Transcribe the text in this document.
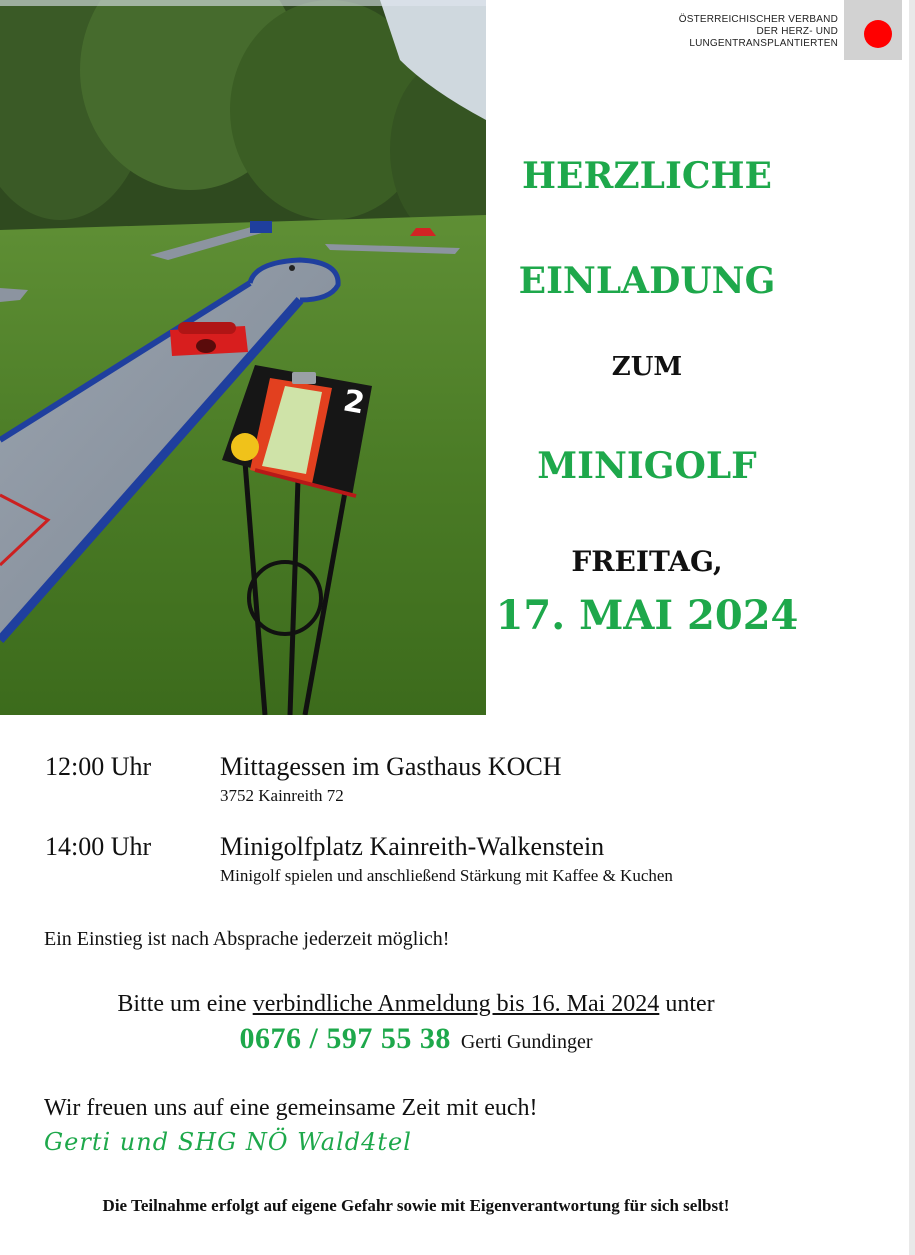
2
ÖSTERREICHISCHER VERBAND
DER HERZ- UND
LUNGENTRANSPLANTIERTEN
HERZLICHE
EINLADUNG
ZUM
MINIGOLF
FREITAG,
17. MAI 2024
12:00 Uhr	Mittagessen im Gasthaus KOCH
3752 Kainreith 72
14:00 Uhr	Minigolfplatz Kainreith-Walkenstein
Minigolf spielen und anschließend Stärkung mit Kaffee & Kuchen
Ein Einstieg ist nach Absprache jederzeit möglich!
Bitte um eine verbindliche Anmeldung bis 16. Mai 2024 unter
0676 / 597 55 38 Gerti Gundinger
Wir freuen uns auf eine gemeinsame Zeit mit euch!
Gerti und SHG NÖ Wald4tel
Die Teilnahme erfolgt auf eigene Gefahr sowie mit Eigenverantwortung für sich selbst!
